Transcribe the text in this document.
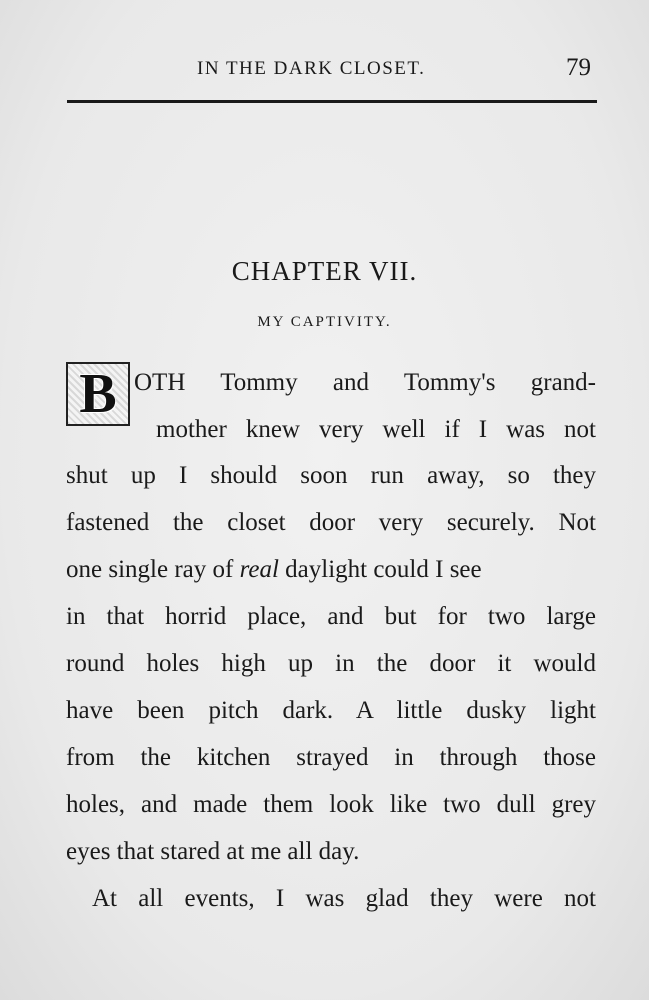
IN THE DARK CLOSET.	79
CHAPTER VII.
MY CAPTIVITY.
B OTH Tommy and Tommy's grand-
mother knew very well if I was not
shut up I should soon run away, so they
fastened the closet door very securely. Not
one single ray of real daylight could I see
in that horrid place, and but for two large
round holes high up in the door it would
have been pitch dark. A little dusky light
from the kitchen strayed in through those
holes, and made them look like two dull grey
eyes that stared at me all day.
At all events, I was glad they were not
